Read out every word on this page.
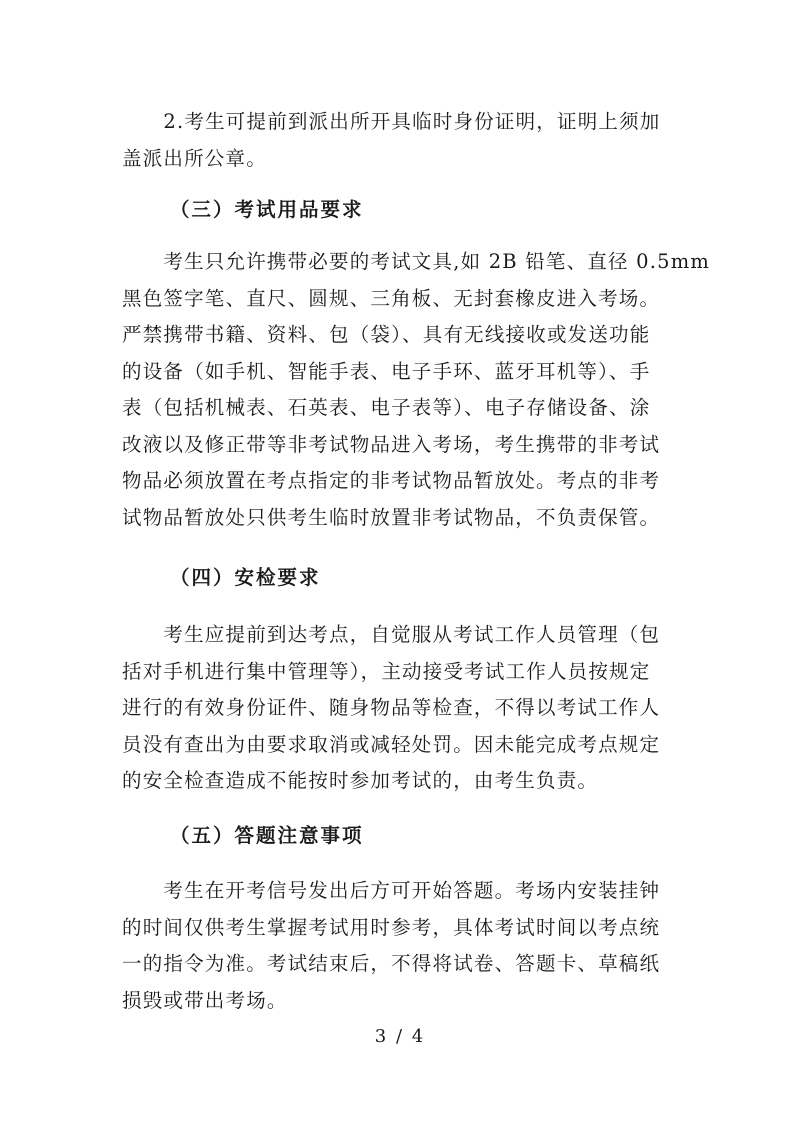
　　2.考生可提前到派出所开具临时身份证明，证明上须加
盖派出所公章。
（三）考试用品要求
　　考生只允许携带必要的考试文具,如 2B 铅笔、直径 0.5mm
黑色签字笔、直尺、圆规、三角板、无封套橡皮进入考场。
严禁携带书籍、资料、包（袋）、具有无线接收或发送功能
的设备（如手机、智能手表、电子手环、蓝牙耳机等）、手
表（包括机械表、石英表、电子表等）、电子存储设备、涂
改液以及修正带等非考试物品进入考场，考生携带的非考试
物品必须放置在考点指定的非考试物品暂放处。考点的非考
试物品暂放处只供考生临时放置非考试物品，不负责保管。
（四）安检要求
　　考生应提前到达考点，自觉服从考试工作人员管理（包
括对手机进行集中管理等），主动接受考试工作人员按规定
进行的有效身份证件、随身物品等检查，不得以考试工作人
员没有查出为由要求取消或减轻处罚。因未能完成考点规定
的安全检查造成不能按时参加考试的，由考生负责。
（五）答题注意事项
　　考生在开考信号发出后方可开始答题。考场内安装挂钟
的时间仅供考生掌握考试用时参考，具体考试时间以考点统
一的指令为准。考试结束后，不得将试卷、答题卡、草稿纸
损毁或带出考场。
3 / 4
